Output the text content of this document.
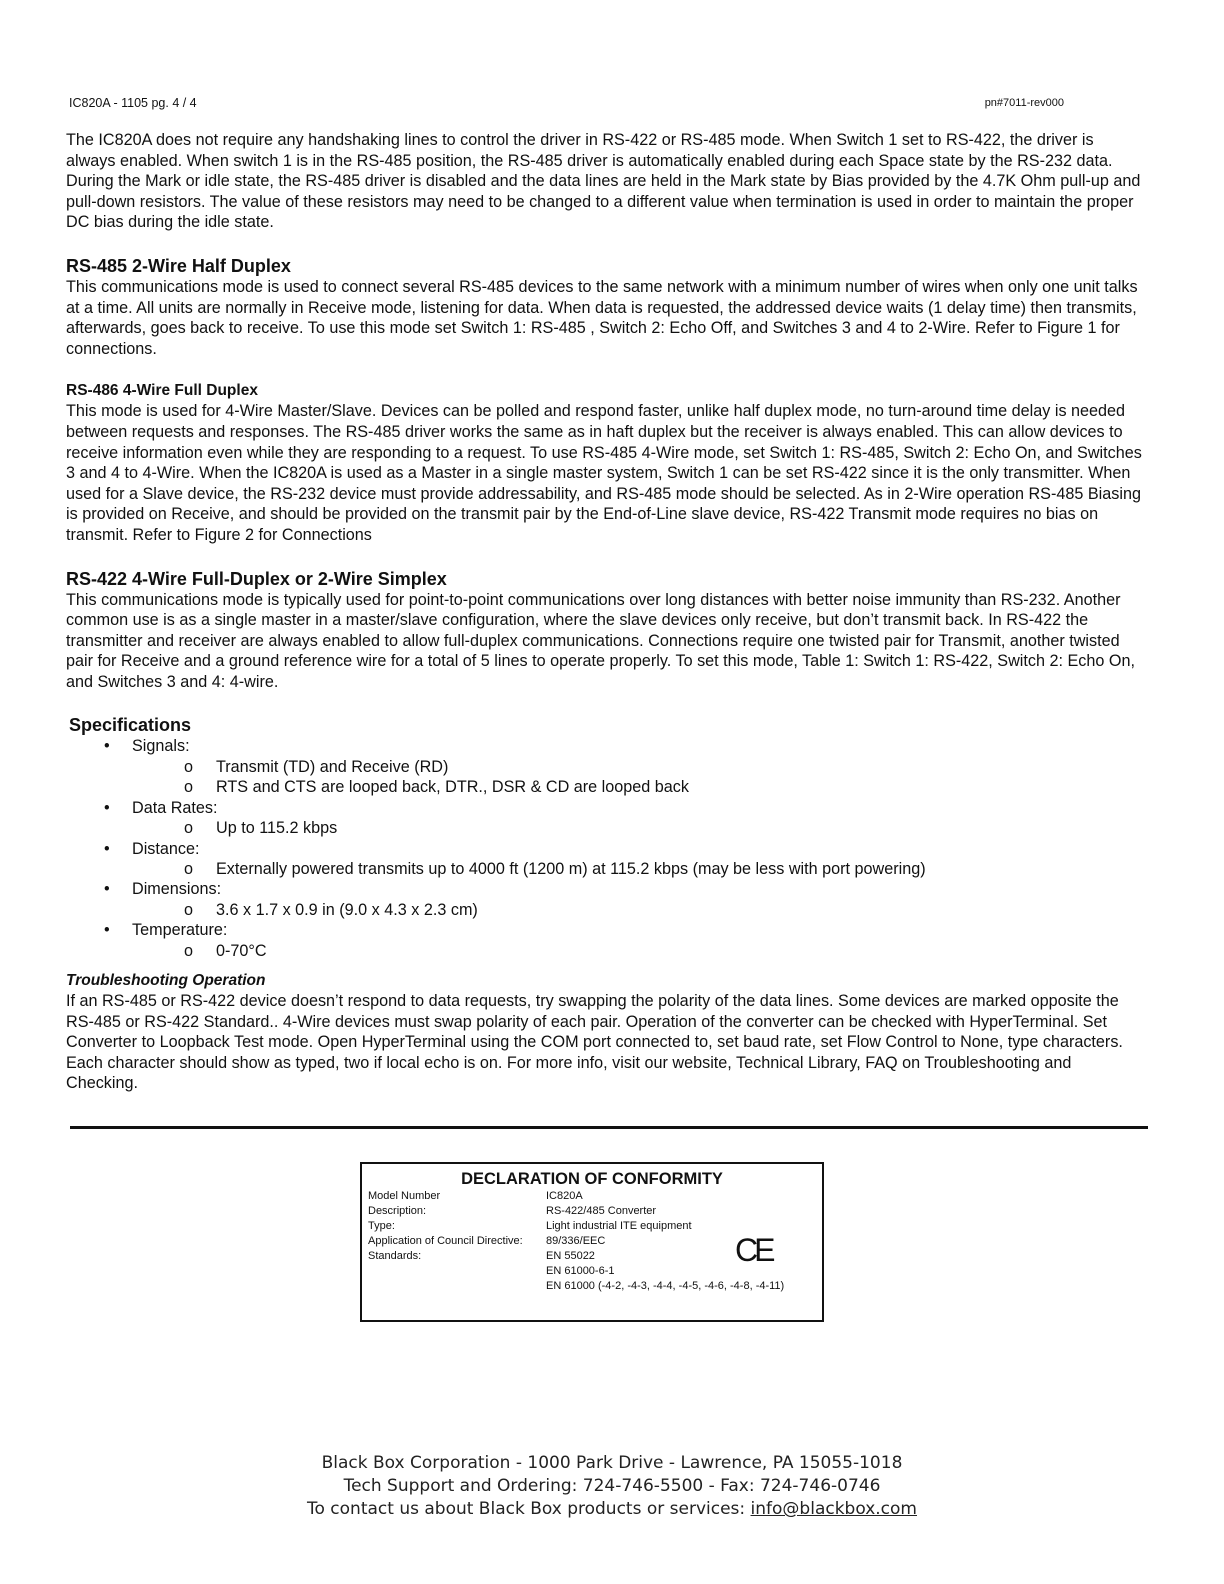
IC820A - 1105 pg. 4 / 4	pn#7011-rev000

The IC820A does not require any handshaking lines to control the driver in RS-422 or RS-485 mode. When Switch 1 set to RS-422, the driver is always enabled. When switch 1 is in the RS-485 position, the RS-485 driver is automatically enabled during each Space state by the RS-232 data. During the Mark or idle state, the RS-485 driver is disabled and the data lines are held in the Mark state by Bias provided by the 4.7K Ohm pull-up and pull-down resistors. The value of these resistors may need to be changed to a different value when termination is used in order to maintain the proper DC bias during the idle state.

RS-485 2-Wire Half Duplex

This communications mode is used to connect several RS-485 devices to the same network with a minimum number of wires when only one unit talks at a time. All units are normally in Receive mode, listening for data. When data is requested, the addressed device waits (1 delay time) then transmits, afterwards, goes back to receive. To use this mode set Switch 1: RS-485 , Switch 2: Echo Off, and Switches 3 and 4 to 2-Wire. Refer to Figure 1 for connections.

RS-486 4-Wire Full Duplex

This mode is used for 4-Wire Master/Slave. Devices can be polled and respond faster, unlike half duplex mode, no turn-around time delay is needed between requests and responses. The RS-485 driver works the same as in haft duplex but the receiver is always enabled. This can allow devices to receive information even while they are responding to a request. To use RS-485 4-Wire mode, set Switch 1: RS-485, Switch 2: Echo On, and Switches 3 and 4 to 4-Wire. When the IC820A is used as a Master in a single master system, Switch 1 can be set RS-422 since it is the only transmitter. When used for a Slave device, the RS-232 device must provide addressability, and RS-485 mode should be selected. As in 2-Wire operation RS-485 Biasing is provided on Receive, and should be provided on the transmit pair by the End-of-Line slave device, RS-422 Transmit mode requires no bias on transmit. Refer to Figure 2 for Connections

RS-422 4-Wire Full-Duplex or 2-Wire Simplex

This communications mode is typically used for point-to-point communications over long distances with better noise immunity than RS-232. Another common use is as a single master in a master/slave configuration, where the slave devices only receive, but don’t transmit back. In RS-422 the transmitter and receiver are always enabled to allow full-duplex communications. Connections require one twisted pair for Transmit, another twisted pair for Receive and a ground reference wire for a total of 5 lines to operate properly. To set this mode, Table 1: Switch 1: RS-422, Switch 2: Echo On, and Switches 3 and 4: 4-wire.

Specifications
• Signals:
o Transmit (TD) and Receive (RD)
o RTS and CTS are looped back, DTR., DSR & CD are looped back
• Data Rates:
o Up to 115.2 kbps
• Distance:
o Externally powered transmits up to 4000 ft (1200 m) at 115.2 kbps (may be less with port powering)
• Dimensions:
o 3.6 x 1.7 x 0.9 in (9.0 x 4.3 x 2.3 cm)
• Temperature:
o 0-70°C
Troubleshooting Operation

If an RS-485 or RS-422 device doesn’t respond to data requests, try swapping the polarity of the data lines. Some devices are marked opposite the RS-485 or RS-422 Standard.. 4-Wire devices must swap polarity of each pair. Operation of the converter can be checked with HyperTerminal. Set Converter to Loopback Test mode. Open HyperTerminal using the COM port connected to, set baud rate, set Flow Control to None, type characters. Each character should show as typed, two if local echo is on. For more info, visit our website, Technical Library, FAQ on Troubleshooting and Checking.

DECLARATION OF CONFORMITY
Model Number	IC820A
Description:	RS-422/485 Converter
Type:	Light industrial ITE equipment
Application of Council Directive: 89/336/EEC
Standards:	EN 55022
EN 61000-6-1
EN 61000 (-4-2, -4-3, -4-4, -4-5, -4-6, -4-8, -4-11)
CE
Black Box Corporation - 1000 Park Drive - Lawrence, PA 15055-1018
Tech Support and Ordering: 724-746-5500 - Fax: 724-746-0746
To contact us about Black Box products or services: info@blackbox.com
